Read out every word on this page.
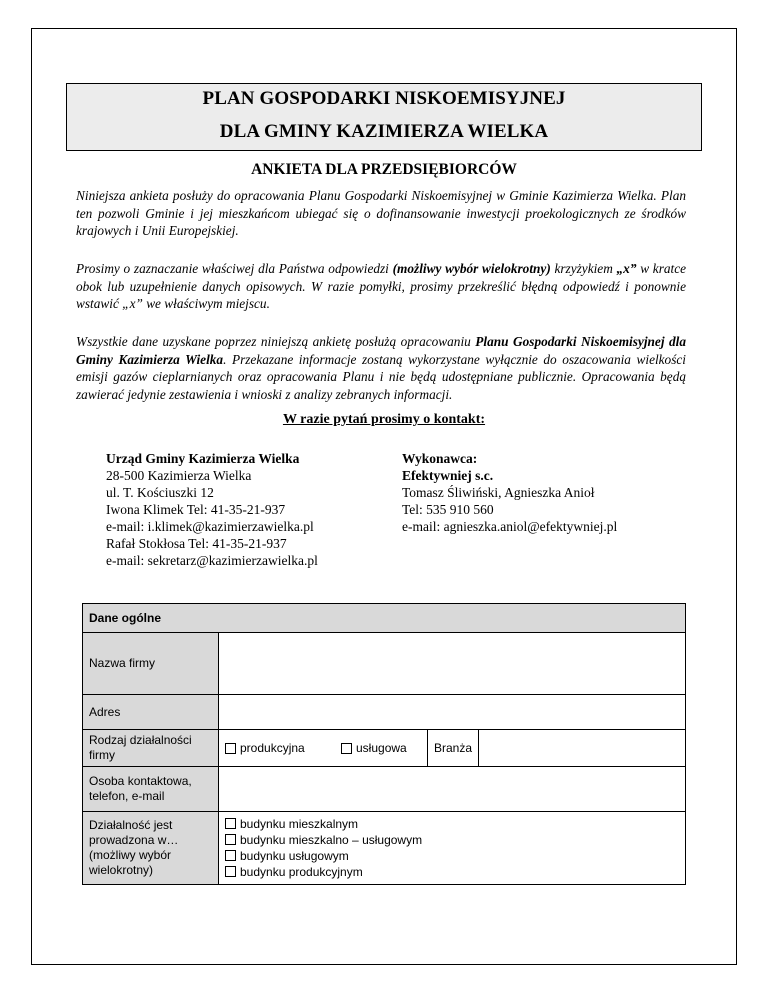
PLAN GOSPODARKI NISKOEMISYJNEJ
DLA GMINY KAZIMIERZA WIELKA
ANKIETA DLA PRZEDSIĘBIORCÓW
Niniejsza ankieta posłuży do opracowania Planu Gospodarki Niskoemisyjnej w Gminie Kazimierza Wielka. Plan ten pozwoli Gminie i jej mieszkańcom ubiegać się o dofinansowanie inwestycji proekologicznych ze środków krajowych i Unii Europejskiej.
Prosimy o zaznaczanie właściwej dla Państwa odpowiedzi (możliwy wybór wielokrotny) krzyżykiem „x” w kratce obok lub uzupełnienie danych opisowych. W razie pomyłki, prosimy przekreślić błędną odpowiedź i ponownie wstawić „x” we właściwym miejscu.
Wszystkie dane uzyskane poprzez niniejszą ankietę posłużą opracowaniu Planu Gospodarki Niskoemisyjnej dla Gminy Kazimierza Wielka. Przekazane informacje zostaną wykorzystane wyłącznie do oszacowania wielkości emisji gazów cieplarnianych oraz opracowania Planu i nie będą udostępniane publicznie. Opracowania będą zawierać jedynie zestawienia i wnioski z analizy zebranych informacji.
W razie pytań prosimy o kontakt:
Urząd Gminy Kazimierza Wielka
28-500 Kazimierza Wielka
ul. T. Kościuszki 12
Iwona Klimek Tel: 41-35-21-937
e-mail: i.klimek@kazimierzawielka.pl
Rafał Stokłosa Tel: 41-35-21-937
e-mail: sekretarz@kazimierzawielka.pl
Wykonawca:
Efektywniej s.c.
Tomasz Śliwiński, Agnieszka Anioł
Tel: 535 910 560
e-mail: agnieszka.aniol@efektywniej.pl
Dane ogólne	
Nazwa firmy	
Adres	
Rodzaj działalności firmy	produkcyjna usługowa Branża

Osoba kontaktowa, telefon, e-mail	
Działalność jest prowadzona w… (możliwy wybór wielokrotny)	budynku mieszkalnym
budynku mieszkalno – usługowym
budynku usługowym
budynku produkcyjnym
